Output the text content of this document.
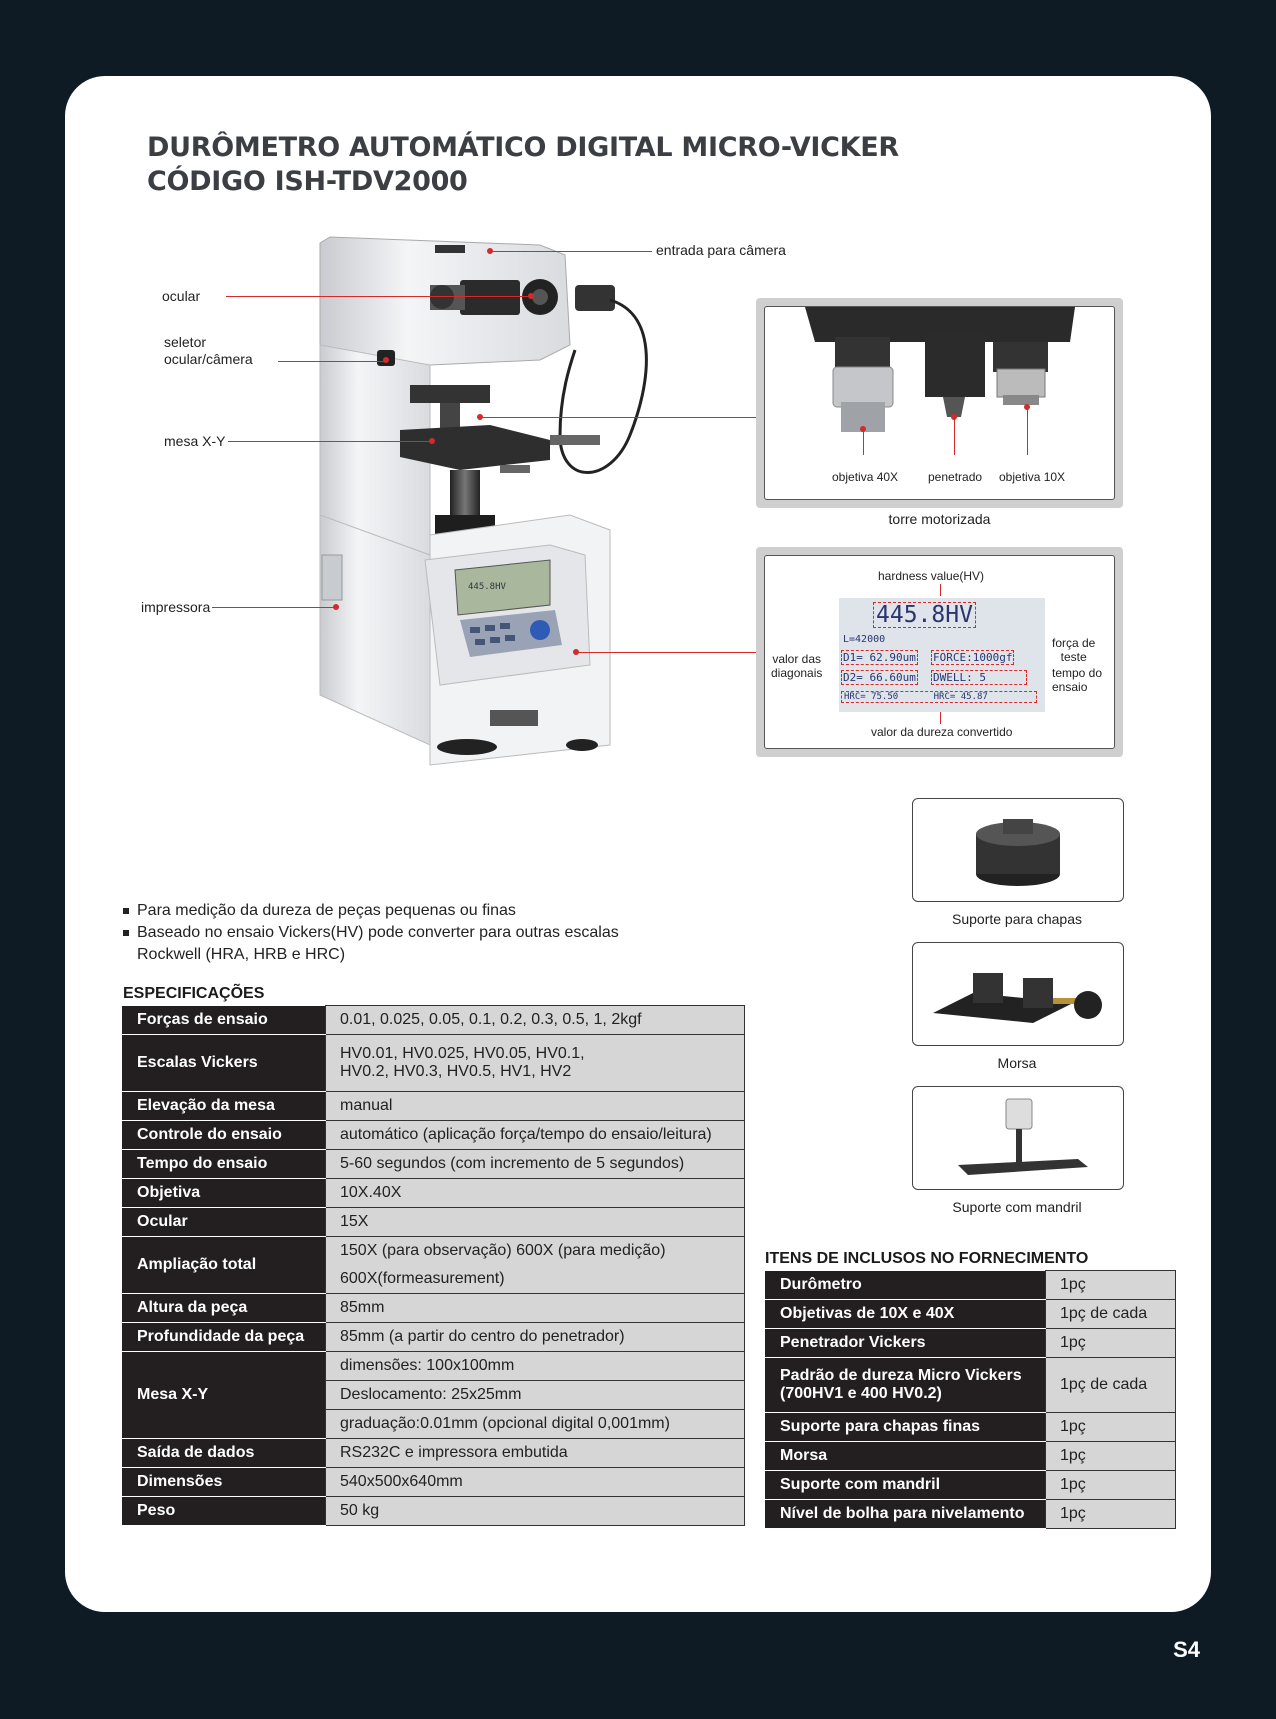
DURÔMETRO AUTOMÁTICO DIGITAL MICRO-VICKER
CÓDIGO ISH-TDV2000
445.8HV
entrada para câmera
ocular
seletor
ocular/câmera
mesa X-Y
impressora
objetiva 40X penetrado objetiva 10X
torre motorizada
hardness value(HV)
445.8HV
L=42000
D1= 62.90um FORCE:1000gf
D2= 66.60um DWELL: 5
HRC= 75.50	HRC= 45.87
valor das
diagonais
força de
teste
tempo do
ensaio
valor da dureza convertido
Suporte para chapas
Morsa
Suporte com mandril
Para medição da dureza de peças pequenas ou finas
Baseado no ensaio Vickers(HV) pode converter para outras escalas
Rockwell (HRA, HRB e HRC)
ESPECIFICAÇÕES
Forças de ensaio	0.01, 0.025, 0.05, 0.1, 0.2, 0.3, 0.5, 1, 2kgf
Escalas Vickers	HV0.01, HV0.025, HV0.05, HV0.1,
HV0.2, HV0.3, HV0.5, HV1, HV2

Elevação da mesa	manual
Controle do ensaio	automático (aplicação força/tempo do ensaio/leitura)
Tempo do ensaio	5-60 segundos (com incremento de 5 segundos)
Objetiva	10X.40X
Ocular	15X
Ampliação total	150X (para observação) 600X (para medição)
	600X(formeasurement)
Altura da peça	85mm
Profundidade da peça	85mm (a partir do centro do penetrador)
Mesa X-Y	dimensões: 100x100mm
	Deslocamento: 25x25mm
	graduação:0.01mm (opcional digital 0,001mm)
Saída de dados	RS232C e impressora embutida
Dimensões	540x500x640mm
Peso	50 kg
ITENS DE INCLUSOS NO FORNECIMENTO
Durômetro	1pç
Objetivas de 10X e 40X	1pç de cada
Penetrador Vickers	1pç

Padrão de dureza Micro Vickers
(700HV1 e 400 HV0.2)	1pç de cada
Suporte para chapas finas	1pç
Morsa	1pç
Suporte com mandril	1pç
Nível de bolha para nivelamento	1pç
S4
